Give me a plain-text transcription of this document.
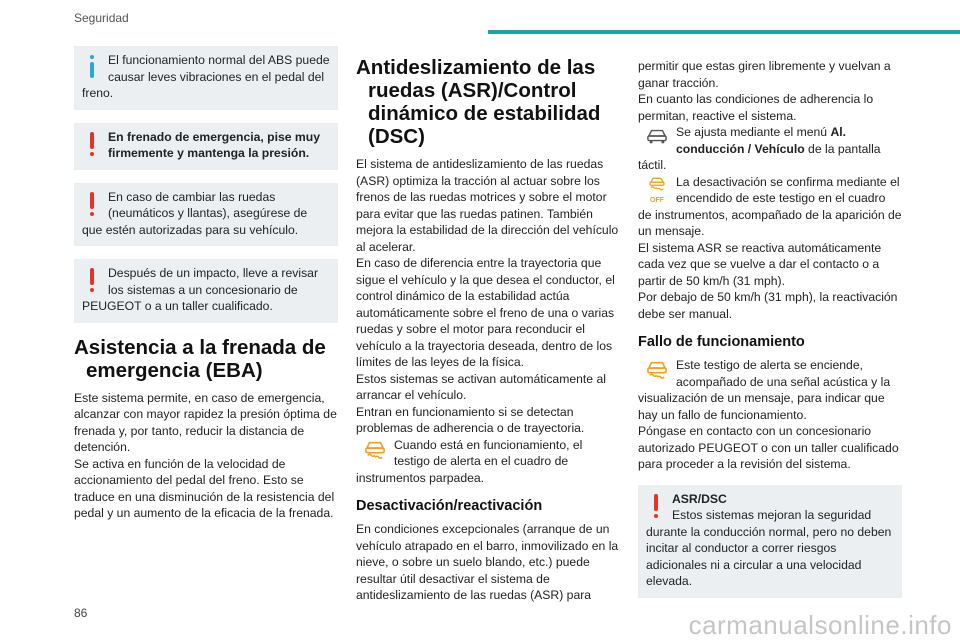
Seguridad
El funcionamiento normal del ABS puede causar leves vibraciones en el pedal del freno.
En frenado de emergencia, pise muy firmemente y mantenga la presión.
En caso de cambiar las ruedas (neumáticos y llantas), asegúrese de que estén autorizadas para su vehículo.
Después de un impacto, lleve a revisar los sistemas a un concesionario de PEUGEOT o a un taller cualificado.
Asistencia a la frenada de emergencia (EBA)

Este sistema permite, en caso de emergencia, alcanzar con mayor rapidez la presión óptima de frenada y, por tanto, reducir la distancia de detención.

Se activa en función de la velocidad de accionamiento del pedal del freno. Esto se traduce en una disminución de la resistencia del pedal y un aumento de la eficacia de la frenada.

Antideslizamiento de las ruedas (ASR)/Control dinámico de estabilidad (DSC)

El sistema de antideslizamiento de las ruedas (ASR) optimiza la tracción al actuar sobre los frenos de las ruedas motrices y sobre el motor para evitar que las ruedas patinen. También mejora la estabilidad de la dirección del vehículo al acelerar.

En caso de diferencia entre la trayectoria que sigue el vehículo y la que desea el conductor, el control dinámico de la estabilidad actúa automáticamente sobre el freno de una o varias ruedas y sobre el motor para reconducir el vehículo a la trayectoria deseada, dentro de los límites de las leyes de la física.

Estos sistemas se activan automáticamente al arrancar el vehículo.

Entran en funcionamiento si se detectan problemas de adherencia o de trayectoria.

Cuando está en funcionamiento, el testigo de alerta en el cuadro de instrumentos parpadea.

Desactivación/reactivación

En condiciones excepcionales (arranque de un vehículo atrapado en el barro, inmovilizado en la nieve, o sobre un suelo blando, etc.) puede resultar útil desactivar el sistema de antideslizamiento de las ruedas (ASR) para

permitir que estas giren libremente y vuelvan a ganar tracción.

En cuanto las condiciones de adherencia lo permitan, reactive el sistema.

Se ajusta mediante el menú Al. conducción / Vehículo de la pantalla táctil.

OFF

La desactivación se confirma mediante el encendido de este testigo en el cuadro de instrumentos, acompañado de la aparición de un mensaje.

El sistema ASR se reactiva automáticamente cada vez que se vuelve a dar el contacto o a partir de 50 km/h (31 mph).

Por debajo de 50 km/h (31 mph), la reactivación debe ser manual.

Fallo de funcionamiento

Este testigo de alerta se enciende, acompañado de una señal acústica y la visualización de un mensaje, para indicar que hay un fallo de funcionamiento.

Póngase en contacto con un concesionario autorizado PEUGEOT o con un taller cualificado para proceder a la revisión del sistema.

ASR/DSC
Estos sistemas mejoran la seguridad durante la conducción normal, pero no deben incitar al conductor a correr riesgos adicionales ni a circular a una velocidad elevada.
86	carmanualsonline.info
